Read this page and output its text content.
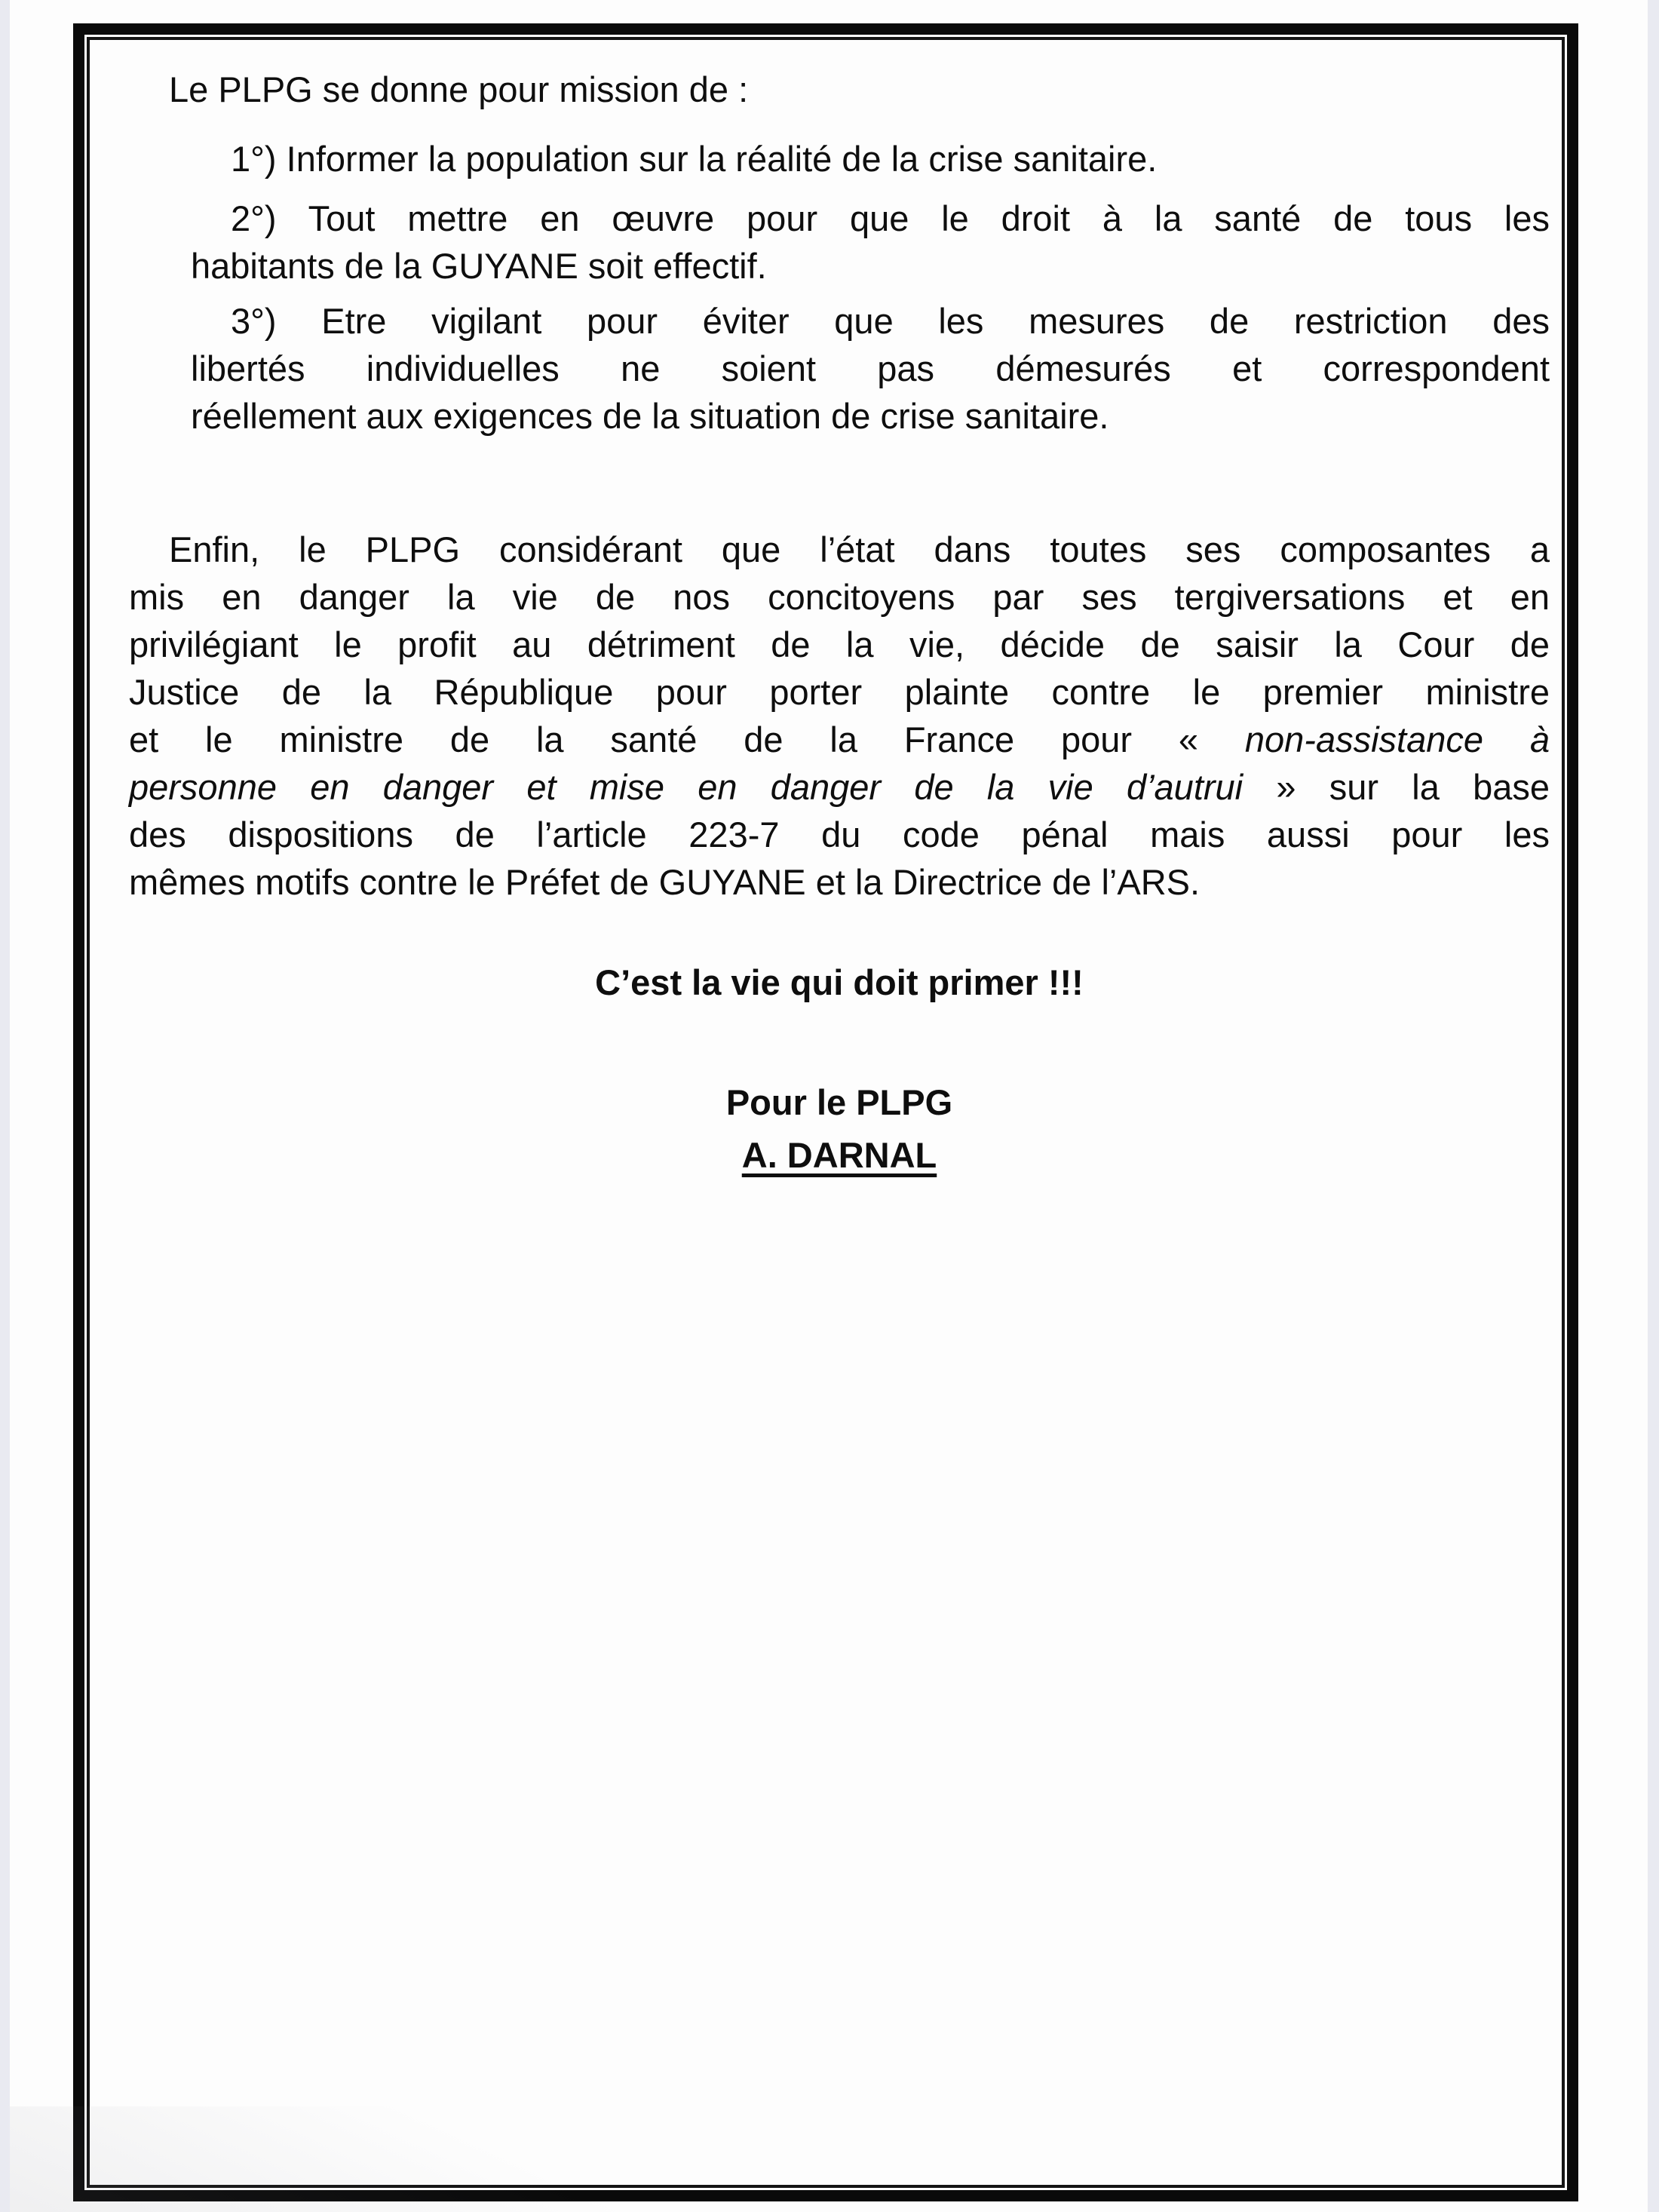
Le PLPG se donne pour mission de :
1°) Informer la population sur la réalité de la crise sanitaire.
2°) Tout mettre en œuvre pour que le droit à la santé de tous les
habitants de la GUYANE soit effectif.
3°) Etre vigilant pour éviter que les mesures de restriction des
libertés individuelles ne soient pas démesurés et correspondent
réellement aux exigences de la situation de crise sanitaire.
Enfin, le PLPG considérant que l’état dans toutes ses composantes a
mis en danger la vie de nos concitoyens par ses tergiversations et en
privilégiant le profit au détriment de la vie, décide de saisir la Cour de
Justice de la République pour porter plainte contre le premier ministre
et le ministre de la santé de la France pour « non-assistance à
personne en danger et mise en danger de la vie d’autrui » sur la base
des dispositions de l’article 223-7 du code pénal mais aussi pour les
mêmes motifs contre le Préfet de GUYANE et la Directrice de l’ARS.
C’est la vie qui doit primer !!!
Pour le PLPG
A. DARNAL
